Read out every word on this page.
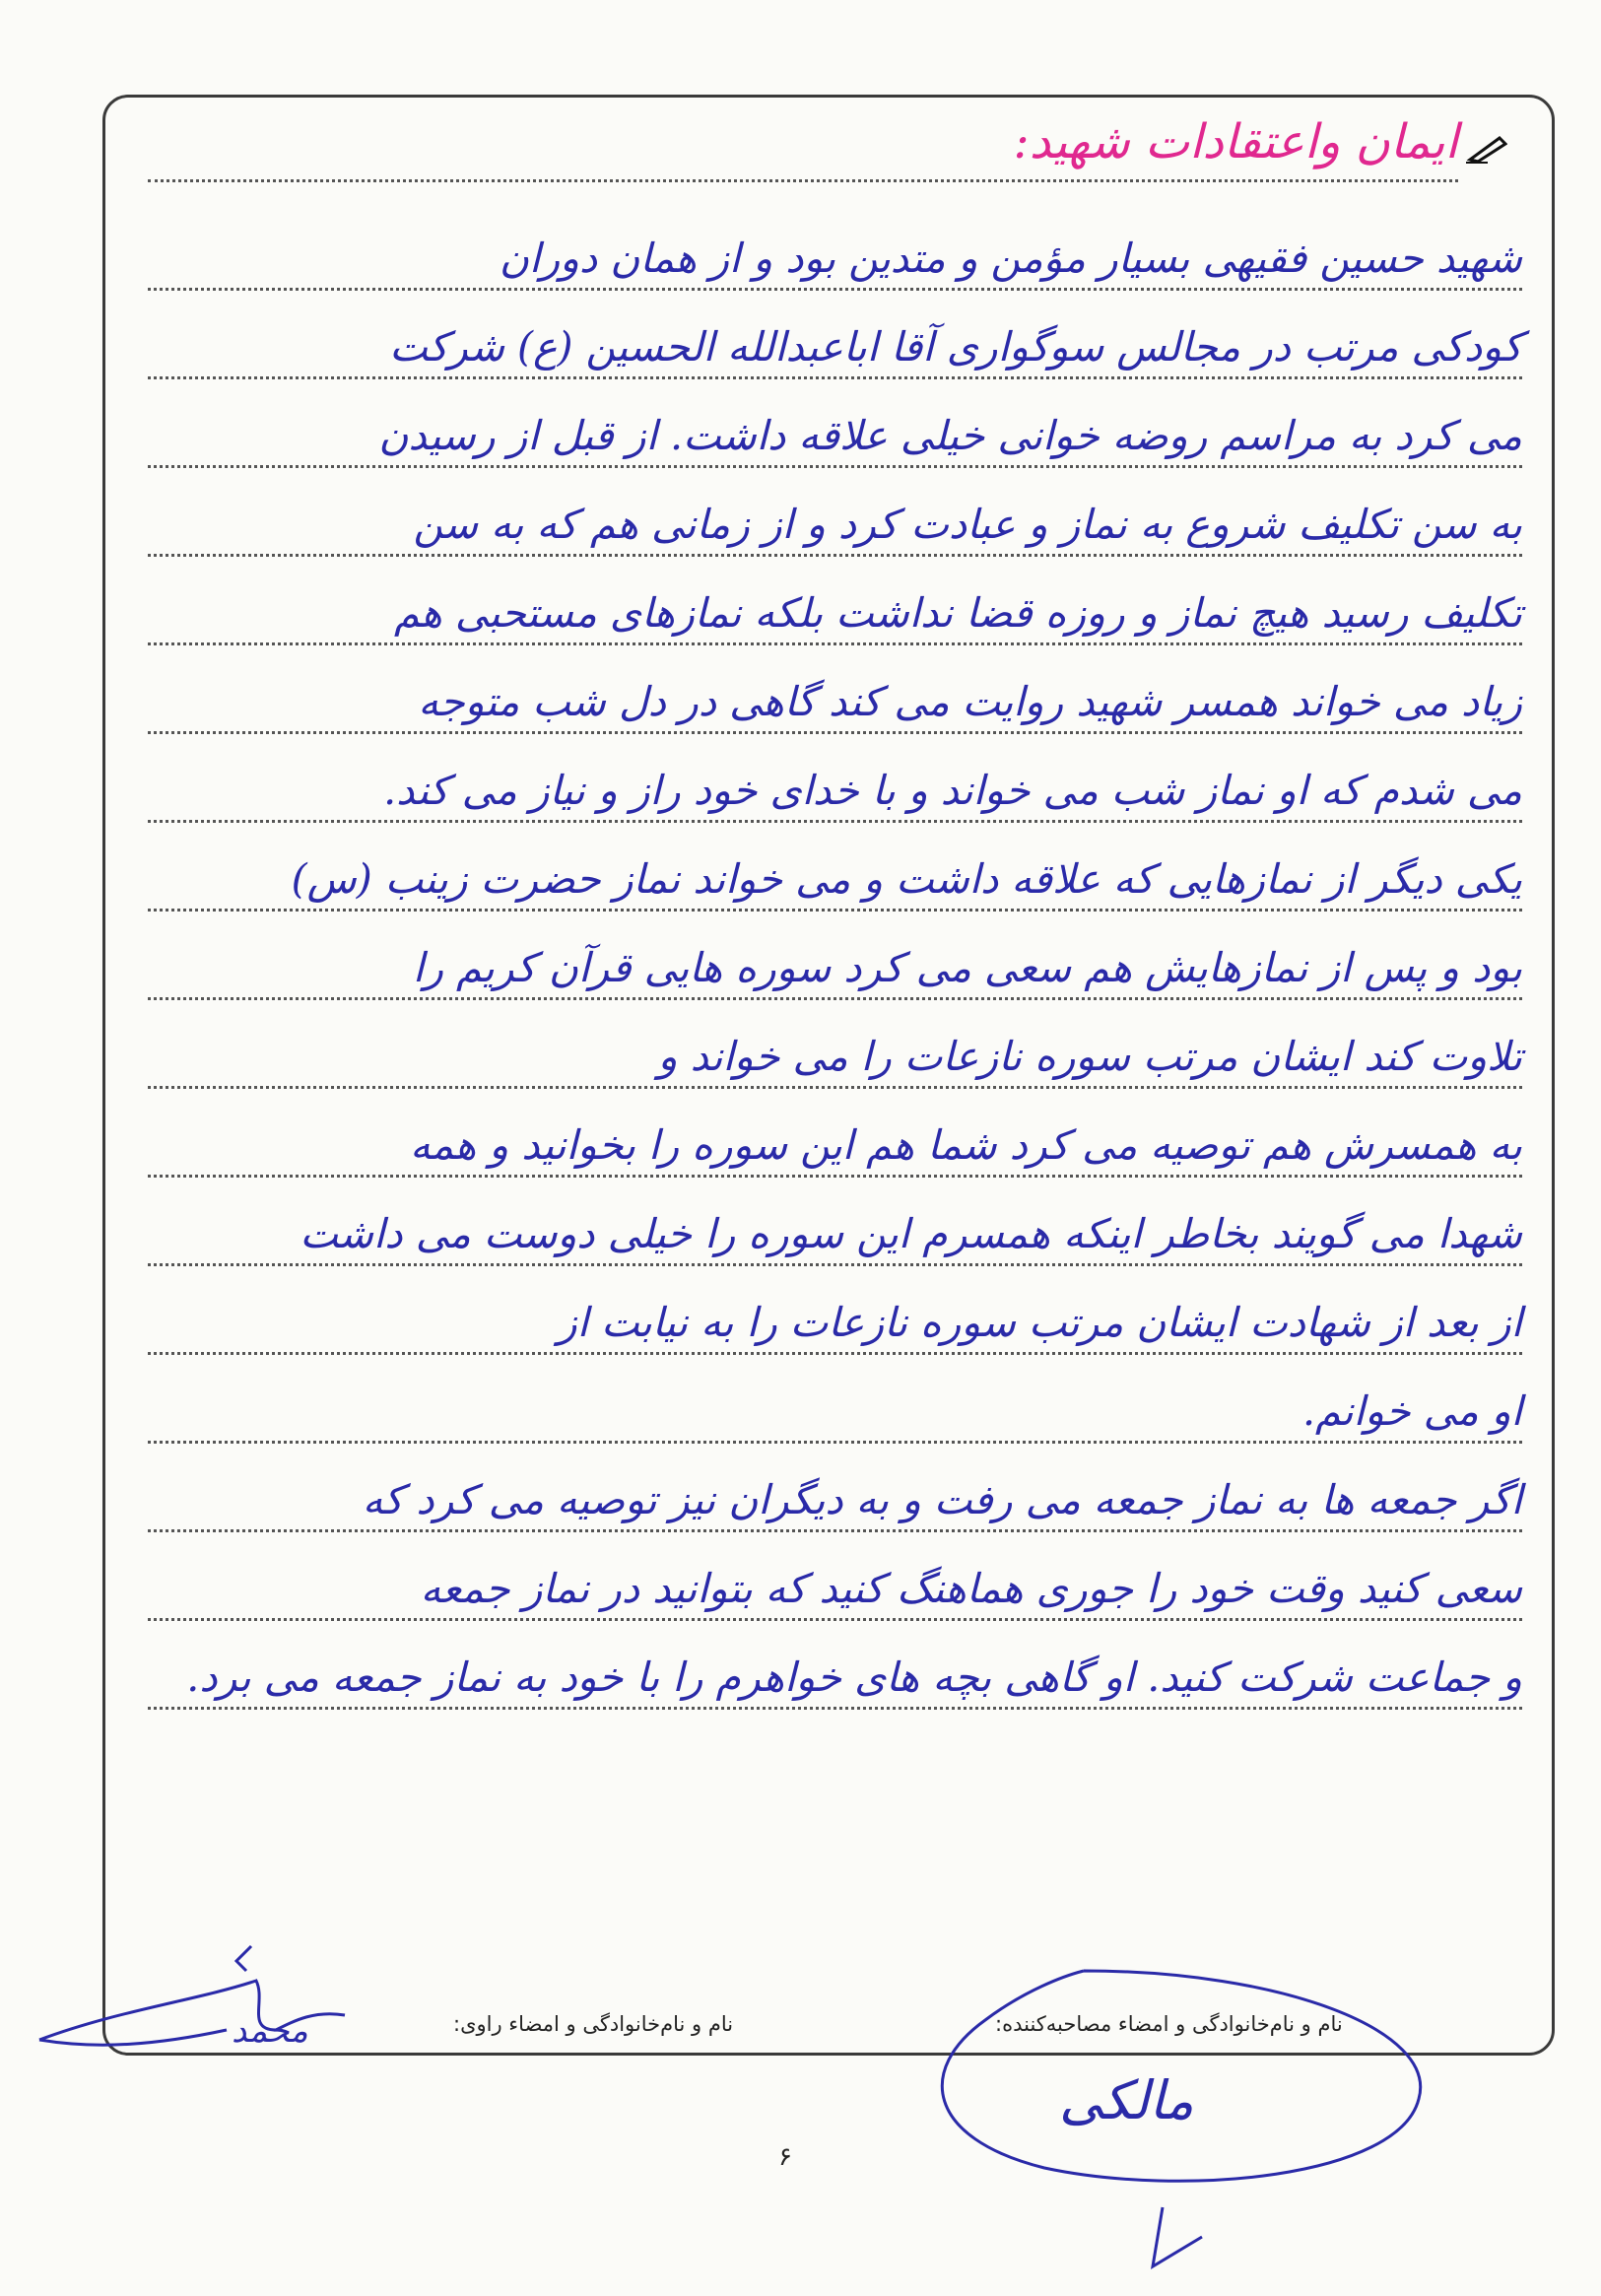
ایمان واعتقادات شهید:
شهید حسین فقیهی بسیار مؤمن و متدین بود و از همان دوران
کودکی مرتب در مجالس سوگواری آقا اباعبدالله الحسین (ع) شرکت
می کرد به مراسم روضه خوانی خیلی علاقه داشت. از قبل از رسیدن
به سن تکلیف شروع به نماز و عبادت کرد و از زمانی هم که به سن
تکلیف رسید هیچ نماز و روزه قضا نداشت بلکه نمازهای مستحبی هم
زیاد می خواند همسر شهید روایت می کند گاهی در دل شب متوجه
می شدم که او نماز شب می خواند و با خدای خود راز و نیاز می کند.
یکی دیگر از نمازهایی که علاقه داشت و می خواند نماز حضرت زینب (س)
بود و پس از نمازهایش هم سعی می کرد سوره هایی قرآن کریم را
تلاوت کند ایشان مرتب سوره نازعات را می خواند و
به همسرش هم توصیه می کرد شما هم این سوره را بخوانید و همه
شهدا می گویند بخاطر اینکه همسرم این سوره را خیلی دوست می داشت
از بعد از شهادت ایشان مرتب سوره نازعات را به نیابت از
او می خوانم.
اگر جمعه ها به نماز جمعه می رفت و به دیگران نیز توصیه می کرد که
سعی کنید وقت خود را جوری هماهنگ کنید که بتوانید در نماز جمعه
و جماعت شرکت کنید. او گاهی بچه های خواهرم را با خود به نماز جمعه می برد.
نام و نام‌خانوادگی و امضاء مصاحبه‌کننده:
نام و نام‌خانوادگی و امضاء راوی:
محمد
مالکی
۶
